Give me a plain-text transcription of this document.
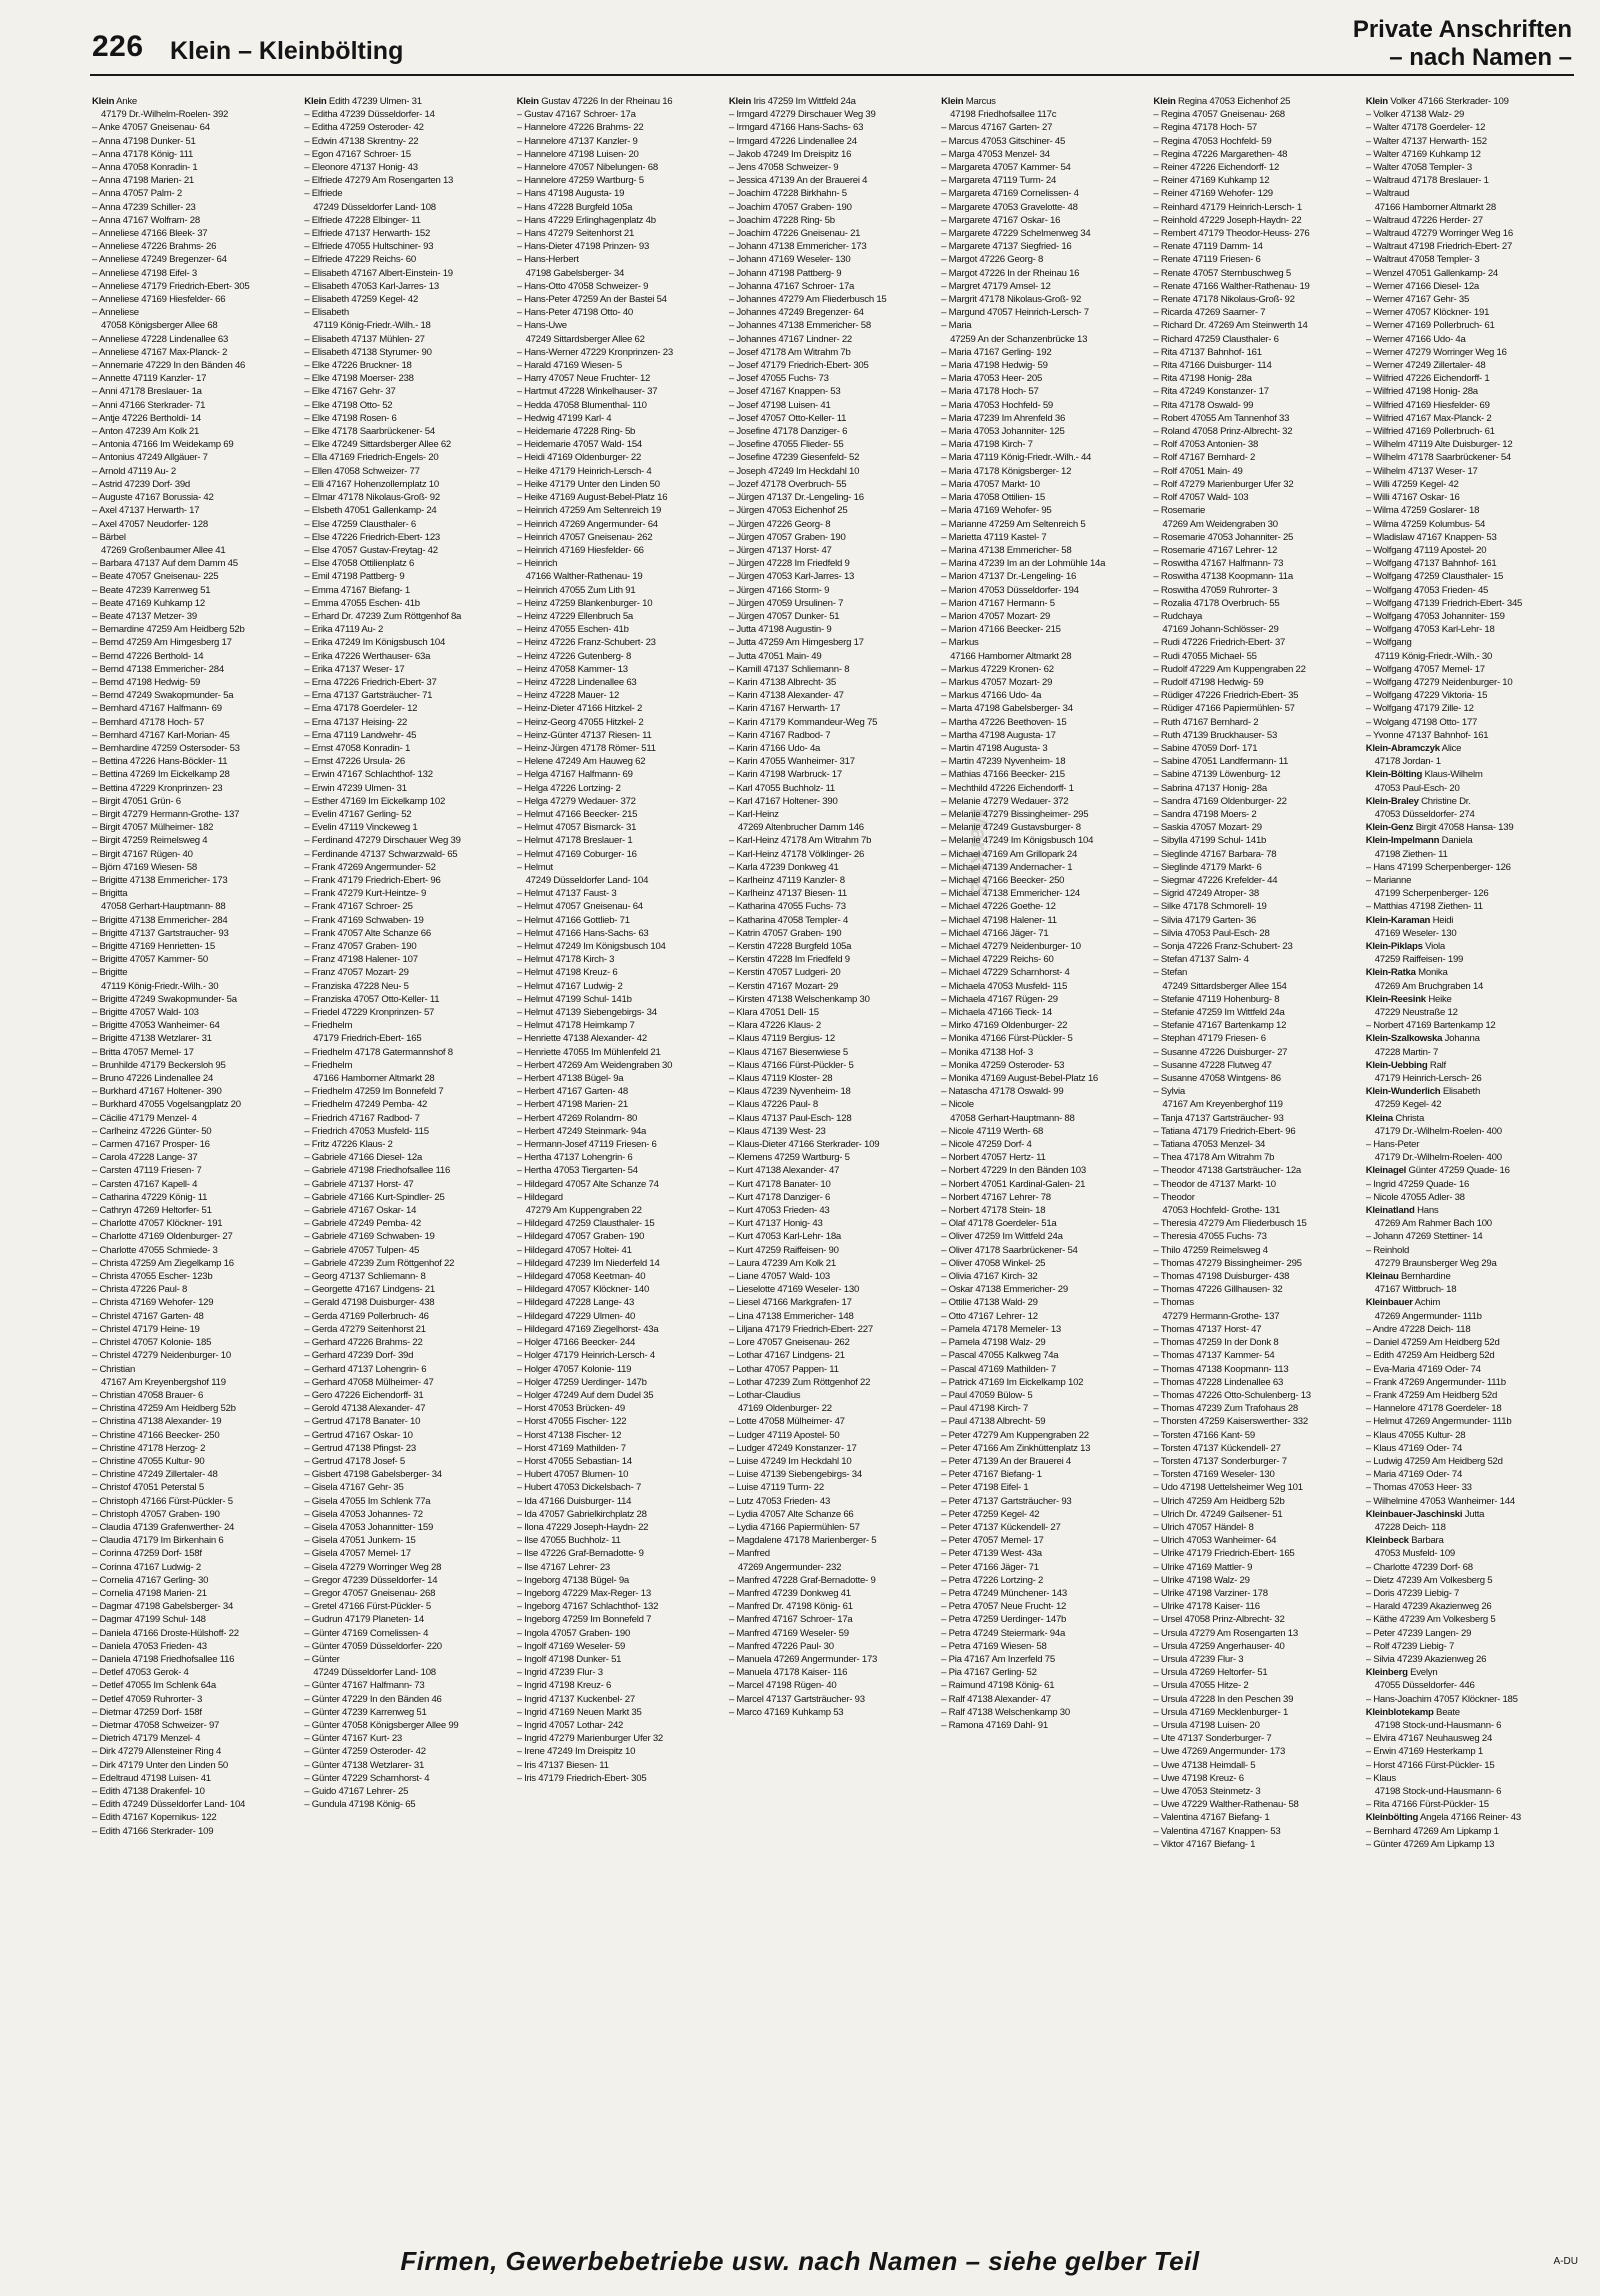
226 Klein – Kleinbölting
Private Anschriften
– nach Namen –
Klein Anke
47179 Dr.-Wilhelm-Roelen- 392
– Anke 47057 Gneisenau- 64
– Anna 47198 Dunker- 51
– Anna 47178 König- 111
– Anna 47058 Konradin- 1
– Anna 47198 Marien- 21
– Anna 47057 Palm- 2
– Anna 47239 Schiller- 23
– Anna 47167 Wolfram- 28
– Anneliese 47166 Bleek- 37
– Anneliese 47226 Brahms- 26
– Anneliese 47249 Bregenzer- 64
– Anneliese 47198 Eifel- 3
– Anneliese 47179 Friedrich-Ebert- 305
– Anneliese 47169 Hiesfelder- 66
– Anneliese
47058 Königsberger Allee 68
– Anneliese 47228 Lindenallee 63
– Anneliese 47167 Max-Planck- 2
– Annemarie 47229 In den Bänden 46
– Annette 47119 Kanzler- 17
– Anni 47178 Breslauer- 1a
– Anni 47166 Sterkrader- 71
– Antje 47226 Bertholdi- 14
– Anton 47239 Am Kolk 21
– Antonia 47166 Im Weidekamp 69
– Antonius 47249 Allgäuer- 7
– Arnold 47119 Au- 2
– Astrid 47239 Dorf- 39d
– Auguste 47167 Borussia- 42
– Axel 47137 Herwarth- 17
– Axel 47057 Neudorfer- 128
– Bärbel
47269 Großenbaumer Allee 41
– Barbara 47137 Auf dem Damm 45
– Beate 47057 Gneisenau- 225
– Beate 47239 Karrenweg 51
– Beate 47169 Kuhkamp 12
– Beate 47137 Metzer- 39
– Bernardine 47259 Am Heidberg 52b
– Bernd 47259 Am Himgesberg 17
– Bernd 47226 Berthold- 14
– Bernd 47138 Emmericher- 284
– Bernd 47198 Hedwig- 59
– Bernd 47249 Swakopmunder- 5a
– Bernhard 47167 Halfmann- 69
– Bernhard 47178 Hoch- 57
– Bernhard 47167 Karl-Morian- 45
– Bernhardine 47259 Ostersoder- 53
– Bettina 47226 Hans-Böckler- 11
– Bettina 47269 Im Eickelkamp 28
– Bettina 47229 Kronprinzen- 23
– Birgit 47051 Grün- 6
– Birgit 47279 Hermann-Grothe- 137
– Birgit 47057 Mülheimer- 182
– Birgit 47259 Reimelsweg 4
– Birgit 47167 Rügen- 40
– Björn 47169 Wiesen- 58
– Brigitte 47138 Emmericher- 173
– Brigitta
47058 Gerhart-Hauptmann- 88
– Brigitte 47138 Emmericher- 284
– Brigitte 47137 Gartstraucher- 93
– Brigitte 47169 Henrietten- 15
– Brigitte 47057 Kammer- 50
– Brigitte
47119 König-Friedr.-Wilh.- 30
– Brigitte 47249 Swakopmunder- 5a
– Brigitte 47057 Wald- 103
– Brigitte 47053 Wanheimer- 64
– Brigitte 47138 Wetzlarer- 31
– Britta 47057 Memel- 17
– Brunhilde 47179 Beckersloh 95
– Bruno 47226 Lindenallee 24
– Burkhard 47167 Holtener- 390
– Burkhard 47055 Vogelsangplatz 20
– Cäcilie 47179 Menzel- 4
– Carlheinz 47226 Günter- 50
– Carmen 47167 Prosper- 16
– Carola 47228 Lange- 37
– Carsten 47119 Friesen- 7
– Carsten 47167 Kapell- 4
– Catharina 47229 König- 11
– Cathryn 47269 Heltorfer- 51
– Charlotte 47057 Klöckner- 191
– Charlotte 47169 Oldenburger- 27
– Charlotte 47055 Schmiede- 3
– Christa 47259 Am Ziegelkamp 16
– Christa 47055 Escher- 123b
– Christa 47226 Paul- 8
– Christa 47169 Wehofer- 129
– Christel 47167 Garten- 48
– Christel 47179 Heine- 19
– Christel 47057 Kolonie- 185
– Christel 47279 Neidenburger- 10
– Christian
47167 Am Kreyenbergshof 119
– Christian 47058 Brauer- 6
– Christina 47259 Am Heidberg 52b
– Christina 47138 Alexander- 19
– Christine 47166 Beecker- 250
– Christine 47178 Herzog- 2
– Christine 47055 Kultur- 90
– Christine 47249 Zillertaler- 48
– Christof 47051 Peterstal 5
– Christoph 47166 Fürst-Pückler- 5
– Christoph 47057 Graben- 190
– Claudia 47139 Grafenwerther- 24
– Claudia 47179 Im Birkenhain 6
– Corinna 47259 Dorf- 158f
– Corinna 47167 Ludwig- 2
– Cornelia 47167 Gerling- 30
– Cornelia 47198 Marien- 21
– Dagmar 47198 Gabelsberger- 34
– Dagmar 47199 Schul- 148
– Daniela 47166 Droste-Hülshoff- 22
– Daniela 47053 Frieden- 43
– Daniela 47198 Friedhofsallee 116
– Detlef 47053 Gerok- 4
– Detlef 47055 Im Schlenk 64a
– Detlef 47059 Ruhrorter- 3
– Dietmar 47259 Dorf- 158f
– Dietmar 47058 Schweizer- 97
– Dietrich 47179 Menzel- 4
– Dirk 47279 Allensteiner Ring 4
– Dirk 47179 Unter den Linden 50
– Edeltraud 47198 Luisen- 41
– Edith 47138 Drakenfel- 10
– Edith 47249 Düsseldorfer Land- 104
– Edith 47167 Kopernikus- 122
– Edith 47166 Sterkrader- 109
Klein Edith 47239 Ulmen- 31
– Editha 47239 Düsseldorfer- 14
– Editha 47259 Osteroder- 42
– Edwin 47138 Skrentny- 22
– Egon 47167 Schroer- 15
– Eleonore 47137 Honig- 43
– Elfriede 47279 Am Rosengarten 13
– Elfriede
47249 Düsseldorfer Land- 108
– Elfriede 47228 Elbinger- 11
– Elfriede 47137 Herwarth- 152
– Elfriede 47055 Hultschiner- 93
– Elfriede 47229 Reichs- 60
– Elisabeth 47167 Albert-Einstein- 19
– Elisabeth 47053 Karl-Jarres- 13
– Elisabeth 47259 Kegel- 42
– Elisabeth
47119 König-Friedr.-Wilh.- 18
– Elisabeth 47137 Mühlen- 27
– Elisabeth 47138 Styrumer- 90
– Elke 47226 Bruckner- 18
– Elke 47198 Moerser- 238
– Elke 47167 Gehr- 37
– Elke 47198 Otto- 52
– Elke 47198 Rosen- 6
– Elke 47178 Saarbrückener- 54
– Elke 47249 Sittardsberger Allee 62
– Ella 47169 Friedrich-Engels- 20
– Ellen 47058 Schweizer- 77
– Elli 47167 Hohenzollernplatz 10
– Elmar 47178 Nikolaus-Groß- 92
– Elsbeth 47051 Gallenkamp- 24
– Else 47259 Clausthaler- 6
– Else 47226 Friedrich-Ebert- 123
– Else 47057 Gustav-Freytag- 42
– Else 47058 Ottilienplatz 6
– Emil 47198 Pattberg- 9
– Emma 47167 Biefang- 1
– Emma 47055 Eschen- 41b
– Erhard Dr. 47239 Zum Röttgenhof 8a
– Erika 47119 Au- 2
– Erika 47249 Im Königsbusch 104
– Erika 47226 Werthauser- 63a
– Erika 47137 Weser- 17
– Erna 47226 Friedrich-Ebert- 37
– Erna 47137 Gartsträucher- 71
– Erna 47178 Goerdeler- 12
– Erna 47137 Heising- 22
– Erna 47119 Landwehr- 45
– Ernst 47058 Konradin- 1
– Ernst 47226 Ursula- 26
– Erwin 47167 Schlachthof- 132
– Erwin 47239 Ulmen- 31
– Esther 47169 Im Eickelkamp 102
– Evelin 47167 Gerling- 52
– Evelin 47119 Vinckeweg 1
– Ferdinand 47279 Dirschauer Weg 39
– Ferdinande 47137 Schwarzwald- 65
– Frank 47269 Angermunder- 52
– Frank 47179 Friedrich-Ebert- 96
– Frank 47279 Kurt-Heintze- 9
– Frank 47167 Schroer- 25
– Frank 47169 Schwaben- 19
– Frank 47057 Alte Schanze 66
– Franz 47057 Graben- 190
– Franz 47198 Halener- 107
– Franz 47057 Mozart- 29
– Franziska 47228 Neu- 5
– Franziska 47057 Otto-Keller- 11
– Friedel 47229 Kronprinzen- 57
– Friedhelm
47179 Friedrich-Ebert- 165
– Friedhelm 47178 Gatermannshof 8
– Friedhelm
47166 Hamborner Altmarkt 28
– Friedhelm 47259 Im Bonnefeld 7
– Friedhelm 47249 Pemba- 42
– Friedrich 47167 Radbod- 7
– Friedrich 47053 Musfeld- 115
– Fritz 47226 Klaus- 2
– Gabriele 47166 Diesel- 12a
– Gabriele 47198 Friedhofsallee 116
– Gabriele 47137 Horst- 47
– Gabriele 47166 Kurt-Spindler- 25
– Gabriele 47167 Oskar- 14
– Gabriele 47249 Pemba- 42
– Gabriele 47169 Schwaben- 19
– Gabriele 47057 Tulpen- 45
– Gabriele 47239 Zum Röttgenhof 22
– Georg 47137 Schliemann- 8
– Georgette 47167 Lindgens- 21
– Gerald 47198 Duisburger- 438
– Gerda 47169 Pollerbruch- 46
– Gerda 47279 Seitenhorst 21
– Gerhard 47226 Brahms- 22
– Gerhard 47239 Dorf- 39d
– Gerhard 47137 Lohengrin- 6
– Gerhard 47058 Mülheimer- 47
– Gero 47226 Eichendorff- 31
– Gerold 47138 Alexander- 47
– Gertrud 47178 Banater- 10
– Gertrud 47167 Oskar- 10
– Gertrud 47138 Pfingst- 23
– Gertrud 47178 Josef- 5
– Gisbert 47198 Gabelsberger- 34
– Gisela 47167 Gehr- 35
– Gisela 47055 Im Schlenk 77a
– Gisela 47053 Johannes- 72
– Gisela 47053 Johannitter- 159
– Gisela 47051 Junkern- 15
– Gisela 47057 Memel- 17
– Gisela 47279 Worringer Weg 28
– Gregor 47239 Düsseldorfer- 14
– Gregor 47057 Gneisenau- 268
– Gretel 47166 Fürst-Pückler- 5
– Gudrun 47179 Planeten- 14
– Günter 47169 Cornelissen- 4
– Günter 47059 Düsseldorfer- 220
– Günter
47249 Düsseldorfer Land- 108
– Günter 47167 Halfmann- 73
– Günter 47229 In den Bänden 46
– Günter 47239 Karrenweg 51
– Günter 47058 Königsberger Allee 99
– Günter 47167 Kurt- 23
– Günter 47259 Osteroder- 42
– Günter 47138 Wetzlarer- 31
– Günter 47229 Scharnhorst- 4
– Guido 47167 Lehrer- 25
– Gundula 47198 König- 65
Klein Gustav 47226 In der Rheinau 16
– Gustav 47167 Schroer- 17a
– Hannelore 47226 Brahms- 22
– Hannelore 47137 Kanzler- 9
– Hannelore 47198 Luisen- 20
– Hannelore 47057 Nibelungen- 68
– Hannelore 47259 Wartburg- 5
– Hans 47198 Augusta- 19
– Hans 47228 Burgfeld 105a
– Hans 47229 Erlinghagenplatz 4b
– Hans 47279 Seitenhorst 21
– Hans-Dieter 47198 Prinzen- 93
– Hans-Herbert
47198 Gabelsberger- 34
– Hans-Otto 47058 Schweizer- 9
– Hans-Peter 47259 An der Bastei 54
– Hans-Peter 47198 Otto- 40
– Hans-Uwe
47249 Sittardsberger Allee 62
– Hans-Werner 47229 Kronprinzen- 23
– Harald 47169 Wiesen- 5
– Harry 47057 Neue Fruchter- 12
– Hartmut 47228 Winkelhauser- 37
– Hedda 47058 Blumenthal- 110
– Hedwig 47199 Karl- 4
– Heidemarie 47228 Ring- 5b
– Heidemarie 47057 Wald- 154
– Heidi 47169 Oldenburger- 22
– Heike 47179 Heinrich-Lersch- 4
– Heike 47179 Unter den Linden 50
– Heike 47169 August-Bebel-Platz 16
– Heinrich 47259 Am Seltenreich 19
– Heinrich 47269 Angermunder- 64
– Heinrich 47057 Gneisenau- 262
– Heinrich 47169 Hiesfelder- 66
– Heinrich
47166 Walther-Rathenau- 19
– Heinrich 47055 Zum Lith 91
– Heinz 47259 Blankenburger- 10
– Heinz 47229 Ellenbruch 5a
– Heinz 47055 Eschen- 41b
– Heinz 47226 Franz-Schubert- 23
– Heinz 47226 Gutenberg- 8
– Heinz 47058 Kammer- 13
– Heinz 47228 Lindenallee 63
– Heinz 47228 Mauer- 12
– Heinz-Dieter 47166 Hitzkel- 2
– Heinz-Georg 47055 Hitzkel- 2
– Heinz-Günter 47137 Riesen- 11
– Heinz-Jürgen 47178 Römer- 511
– Helene 47249 Am Hauweg 62
– Helga 47167 Halfmann- 69
– Helga 47226 Lortzing- 2
– Helga 47279 Wedauer- 372
– Helmut 47166 Beecker- 215
– Helmut 47057 Bismarck- 31
– Helmut 47178 Breslauer- 1
– Helmut 47169 Coburger- 16
– Helmut
47249 Düsseldorfer Land- 104
– Helmut 47137 Faust- 3
– Helmut 47057 Gneisenau- 64
– Helmut 47166 Gottlieb- 71
– Helmut 47166 Hans-Sachs- 63
– Helmut 47249 Im Königsbusch 104
– Helmut 47178 Kirch- 3
– Helmut 47198 Kreuz- 6
– Helmut 47167 Ludwig- 2
– Helmut 47199 Schul- 141b
– Helmut 47139 Siebengebirgs- 34
– Helmut 47178 Heimkamp 7
– Henriette 47138 Alexander- 42
– Henriette 47055 Im Mühlenfeld 21
– Herbert 47269 Am Weidengraben 30
– Herbert 47138 Bügel- 9a
– Herbert 47167 Garten- 48
– Herbert 47198 Marien- 21
– Herbert 47269 Rolandrn- 80
– Herbert 47249 Steinmark- 94a
– Hermann-Josef 47119 Friesen- 6
– Hertha 47137 Lohengrin- 6
– Hertha 47053 Tiergarten- 54
– Hildegard 47057 Alte Schanze 74
– Hildegard
47279 Am Kuppengraben 22
– Hildegard 47259 Clausthaler- 15
– Hildegard 47057 Graben- 190
– Hildegard 47057 Holtei- 41
– Hildegard 47239 Im Niederfeld 14
– Hildegard 47058 Keetman- 40
– Hildegard 47057 Klöckner- 140
– Hildegard 47228 Lange- 43
– Hildegard 47229 Ulmen- 40
– Hildegard 47169 Ziegelhorst- 43a
– Holger 47166 Beecker- 244
– Holger 47179 Heinrich-Lersch- 4
– Holger 47057 Kolonie- 119
– Holger 47259 Uerdinger- 147b
– Holger 47249 Auf dem Dudel 35
– Horst 47053 Brücken- 49
– Horst 47055 Fischer- 122
– Horst 47138 Fischer- 12
– Horst 47169 Mathilden- 7
– Horst 47055 Sebastian- 14
– Hubert 47057 Blumen- 10
– Hubert 47053 Dickelsbach- 7
– Ida 47166 Duisburger- 114
– Ida 47057 Gabrielkirchplatz 28
– Ilona 47229 Joseph-Haydn- 22
– Ilse 47055 Buchholz- 11
– Ilse 47226 Graf-Bernadotte- 9
– Ilse 47167 Lehrer- 23
– Ingeborg 47138 Bügel- 9a
– Ingeborg 47229 Max-Reger- 13
– Ingeborg 47167 Schlachthof- 132
– Ingeborg 47259 Im Bonnefeld 7
– Ingola 47057 Graben- 190
– Ingolf 47169 Weseler- 59
– Ingolf 47198 Dunker- 51
– Ingrid 47239 Flur- 3
– Ingrid 47198 Kreuz- 6
– Ingrid 47137 Kuckenbel- 27
– Ingrid 47169 Neuen Markt 35
– Ingrid 47057 Lothar- 242
– Ingrid 47279 Marienburger Ufer 32
– Irene 47249 Im Dreispitz 10
– Iris 47137 Biesen- 11
– Iris 47179 Friedrich-Ebert- 305
Klein Iris 47259 Im Wittfeld 24a
– Irmgard 47279 Dirschauer Weg 39
– Irmgard 47166 Hans-Sachs- 63
– Irmgard 47226 Lindenallee 24
– Jakob 47249 Im Dreispitz 16
– Jens 47058 Schweizer- 9
– Jessica 47139 An der Brauerei 4
– Joachim 47228 Birkhahn- 5
– Joachim 47057 Graben- 190
– Joachim 47228 Ring- 5b
– Joachim 47226 Gneisenau- 21
– Johann 47138 Emmericher- 173
– Johann 47169 Weseler- 130
– Johann 47198 Pattberg- 9
– Johanna 47167 Schroer- 17a
– Johannes 47279 Am Fliederbusch 15
– Johannes 47249 Bregenzer- 64
– Johannes 47138 Emmericher- 58
– Johannes 47167 Lindner- 22
– Josef 47178 Am Witrahm 7b
– Josef 47179 Friedrich-Ebert- 305
– Josef 47055 Fuchs- 73
– Josef 47167 Knappen- 53
– Josef 47198 Luisen- 41
– Josef 47057 Otto-Keller- 11
– Josefine 47178 Danziger- 6
– Josefine 47055 Flieder- 55
– Josefine 47239 Giesenfeld- 52
– Joseph 47249 Im Heckdahl 10
– Jozef 47178 Overbruch- 55
– Jürgen 47137 Dr.-Lengeling- 16
– Jürgen 47053 Eichenhof 25
– Jürgen 47226 Georg- 8
– Jürgen 47057 Graben- 190
– Jürgen 47137 Horst- 47
– Jürgen 47228 Im Friedfeld 9
– Jürgen 47053 Karl-Jarres- 13
– Jürgen 47166 Storm- 9
– Jürgen 47059 Ursulinen- 7
– Jürgen 47057 Dunker- 51
– Jutta 47198 Augustin- 9
– Jutta 47259 Am Himgesberg 17
– Jutta 47051 Main- 49
– Kamill 47137 Schliemann- 8
– Karin 47138 Albrecht- 35
– Karin 47138 Alexander- 47
– Karin 47167 Herwarth- 17
– Karin 47179 Kommandeur-Weg 75
– Karin 47167 Radbod- 7
– Karin 47166 Udo- 4a
– Karin 47055 Wanheimer- 317
– Karin 47198 Warbruck- 17
– Karl 47055 Buchholz- 11
– Karl 47167 Holtener- 390
– Karl-Heinz
47269 Altenbrucher Damm 146
– Karl-Heinz 47178 Am Witrahm 7b
– Karl-Heinz 47178 Völklinger- 26
– Karla 47239 Donkweg 41
– Karlheinz 47119 Kanzler- 8
– Karlheinz 47137 Biesen- 11
– Katharina 47055 Fuchs- 73
– Katharina 47058 Templer- 4
– Katrin 47057 Graben- 190
– Kerstin 47228 Burgfeld 105a
– Kerstin 47228 Im Friedfeld 9
– Kerstin 47057 Ludgeri- 20
– Kerstin 47167 Mozart- 29
– Kirsten 47138 Welschenkamp 30
– Klara 47051 Dell- 15
– Klara 47226 Klaus- 2
– Klaus 47119 Bergius- 12
– Klaus 47167 Biesenwiese 5
– Klaus 47166 Fürst-Pückler- 5
– Klaus 47119 Kloster- 28
– Klaus 47239 Nyvenheim- 18
– Klaus 47226 Paul- 8
– Klaus 47137 Paul-Esch- 128
– Klaus 47139 West- 23
– Klaus-Dieter 47166 Sterkrader- 109
– Klemens 47259 Wartburg- 5
– Kurt 47138 Alexander- 47
– Kurt 47178 Banater- 10
– Kurt 47178 Danziger- 6
– Kurt 47053 Frieden- 43
– Kurt 47137 Honig- 43
– Kurt 47053 Karl-Lehr- 18a
– Kurt 47259 Raiffeisen- 90
– Laura 47239 Am Kolk 21
– Liane 47057 Wald- 103
– Lieselotte 47169 Weseler- 130
– Liesel 47166 Markgrafen- 17
– Lina 47138 Emmericher- 148
– Liljana 47179 Friedrich-Ebert- 227
– Lore 47057 Gneisenau- 262
– Lothar 47167 Lindgens- 21
– Lothar 47057 Pappen- 11
– Lothar 47239 Zum Röttgenhof 22
– Lothar-Claudius
47169 Oldenburger- 22
– Lotte 47058 Mülheimer- 47
– Ludger 47119 Apostel- 50
– Ludger 47249 Konstanzer- 17
– Luise 47249 Im Heckdahl 10
– Luise 47139 Siebengebirgs- 34
– Luise 47119 Turm- 22
– Lutz 47053 Frieden- 43
– Lydia 47057 Alte Schanze 66
– Lydia 47166 Papiermühlen- 57
– Magdalene 47178 Marienberger- 5
– Manfred
47269 Angermunder- 232
– Manfred 47228 Graf-Bernadotte- 9
– Manfred 47239 Donkweg 41
– Manfred Dr. 47198 König- 61
– Manfred 47167 Schroer- 17a
– Manfred 47169 Weseler- 59
– Manfred 47226 Paul- 30
– Manuela 47269 Angermunder- 173
– Manuela 47178 Kaiser- 116
– Marcel 47198 Rügen- 40
– Marcel 47137 Gartsträucher- 93
– Marco 47169 Kuhkamp 53
Klein Marcus
47198 Friedhofsallee 117c
– Marcus 47167 Garten- 27
– Marcus 47053 Gitschiner- 45
– Marga 47053 Menzel- 34
– Margareta 47057 Kammer- 54
– Margareta 47119 Turm- 24
– Margareta 47169 Cornelissen- 4
– Margarete 47053 Gravelotte- 48
– Margarete 47167 Oskar- 16
– Margarete 47229 Schelmenweg 34
– Margarete 47137 Siegfried- 16
– Margot 47226 Georg- 8
– Margot 47226 In der Rheinau 16
– Margret 47179 Amsel- 12
– Margrit 47178 Nikolaus-Groß- 92
– Margund 47057 Heinrich-Lersch- 7
– Maria
47259 An der Schanzenbrücke 13
– Maria 47167 Gerling- 192
– Maria 47198 Hedwig- 59
– Maria 47053 Heer- 205
– Maria 47178 Hoch- 57
– Maria 47053 Hochfeld- 59
– Maria 47239 Im Ahrenfeld 36
– Maria 47053 Johanniter- 125
– Maria 47198 Kirch- 7
– Maria 47119 König-Friedr.-Wilh.- 44
– Maria 47178 Königsberger- 12
– Maria 47057 Markt- 10
– Maria 47058 Ottilien- 15
– Maria 47169 Wehofer- 95
– Marianne 47259 Am Seltenreich 5
– Marietta 47119 Kastel- 7
– Marina 47138 Emmericher- 58
– Marina 47239 Im an der Lohmühle 14a
– Marion 47137 Dr.-Lengeling- 16
– Marion 47053 Düsseldorfer- 194
– Marion 47167 Hermann- 5
– Marion 47057 Mozart- 29
– Marion 47166 Beecker- 215
– Markus
47166 Hamborner Altmarkt 28
– Markus 47229 Kronen- 62
– Markus 47057 Mozart- 29
– Markus 47166 Udo- 4a
– Marta 47198 Gabelsberger- 34
– Martha 47226 Beethoven- 15
– Martha 47198 Augusta- 17
– Martin 47198 Augusta- 3
– Martin 47239 Nyvenheim- 18
– Mathias 47166 Beecker- 215
– Mechthild 47226 Eichendorff- 1
– Melanie 47279 Wedauer- 372
– Melanie 47279 Bissingheimer- 295
– Melanie 47249 Gustavsburger- 8
– Melanie 47249 Im Königsbusch 104
– Michael 47169 Am Grillopark 24
– Michael 47139 Andernacher- 1
– Michael 47166 Beecker- 250
– Michael 47138 Emmericher- 124
– Michael 47226 Goethe- 12
– Michael 47198 Halener- 11
– Michael 47166 Jäger- 71
– Michael 47279 Neidenburger- 10
– Michael 47229 Reichs- 60
– Michael 47229 Scharnhorst- 4
– Michaela 47053 Musfeld- 115
– Michaela 47167 Rügen- 29
– Michaela 47166 Tieck- 14
– Mirko 47169 Oldenburger- 22
– Monika 47166 Fürst-Pückler- 5
– Monika 47138 Hof- 3
– Monika 47259 Osteroder- 53
– Monika 47169 August-Bebel-Platz 16
– Natascha 47178 Oswald- 99
– Nicole
47058 Gerhart-Hauptmann- 88
– Nicole 47119 Werth- 68
– Nicole 47259 Dorf- 4
– Norbert 47057 Hertz- 11
– Norbert 47229 In den Bänden 103
– Norbert 47051 Kardinal-Galen- 21
– Norbert 47167 Lehrer- 78
– Norbert 47178 Stein- 18
– Olaf 47178 Goerdeler- 51a
– Oliver 47259 Im Wittfeld 24a
– Oliver 47178 Saarbrückener- 54
– Oliver 47058 Winkel- 25
– Olivia 47167 Kirch- 32
– Oskar 47138 Emmericher- 29
– Ottilie 47138 Wald- 29
– Otto 47167 Lehrer- 12
– Pamela 47178 Memeler- 13
– Pamela 47198 Walz- 29
– Pascal 47055 Kalkweg 74a
– Pascal 47169 Mathilden- 7
– Patrick 47169 Im Eickelkamp 102
– Paul 47059 Bülow- 5
– Paul 47198 Kirch- 7
– Paul 47138 Albrecht- 59
– Peter 47279 Am Kuppengraben 22
– Peter 47166 Am Zinkhüttenplatz 13
– Peter 47139 An der Brauerei 4
– Peter 47167 Biefang- 1
– Peter 47198 Eifel- 1
– Peter 47137 Gartsträucher- 93
– Peter 47259 Kegel- 42
– Peter 47137 Kückendell- 27
– Peter 47057 Memel- 17
– Peter 47139 West- 43a
– Peter 47166 Jäger- 71
– Petra 47226 Lortzing- 2
– Petra 47249 Münchener- 143
– Petra 47057 Neue Frucht- 12
– Petra 47259 Uerdinger- 147b
– Petra 47249 Steiermark- 94a
– Petra 47169 Wiesen- 58
– Pia 47167 Am Inzerfeld 75
– Pia 47167 Gerling- 52
– Raimund 47198 König- 61
– Ralf 47138 Alexander- 47
– Ralf 47138 Welschenkamp 30
– Ramona 47169 Dahl- 91
Klein Regina 47053 Eichenhof 25
– Regina 47057 Gneisenau- 268
– Regina 47178 Hoch- 57
– Regina 47053 Hochfeld- 59
– Regina 47226 Margarethen- 48
– Reiner 47226 Eichendorff- 12
– Reiner 47169 Kuhkamp 12
– Reiner 47169 Wehofer- 129
– Reinhard 47179 Heinrich-Lersch- 1
– Reinhold 47229 Joseph-Haydn- 22
– Rembert 47179 Theodor-Heuss- 276
– Renate 47119 Damm- 14
– Renate 47119 Friesen- 6
– Renate 47057 Sternbuschweg 5
– Renate 47166 Walther-Rathenau- 19
– Renate 47178 Nikolaus-Groß- 92
– Ricarda 47269 Saarner- 7
– Richard Dr. 47269 Am Steinwerth 14
– Richard 47259 Clausthaler- 6
– Rita 47137 Bahnhof- 161
– Rita 47166 Duisburger- 114
– Rita 47198 Honig- 28a
– Rita 47249 Konstanzer- 17
– Rita 47178 Oswald- 99
– Robert 47055 Am Tannenhof 33
– Roland 47058 Prinz-Albrecht- 32
– Rolf 47053 Antonien- 38
– Rolf 47167 Bernhard- 2
– Rolf 47051 Main- 49
– Rolf 47279 Marienburger Ufer 32
– Rolf 47057 Wald- 103
– Rosemarie
47269 Am Weidengraben 30
– Rosemarie 47053 Johanniter- 25
– Rosemarie 47167 Lehrer- 12
– Roswitha 47167 Halfmann- 73
– Roswitha 47138 Koopmann- 11a
– Roswitha 47059 Ruhrorter- 3
– Rozalia 47178 Overbruch- 55
– Rudchaya
47169 Johann-Schlösser- 29
– Rudi 47226 Friedrich-Ebert- 37
– Rudi 47055 Michael- 55
– Rudolf 47229 Am Kuppengraben 22
– Rudolf 47198 Hedwig- 59
– Rüdiger 47226 Friedrich-Ebert- 35
– Rüdiger 47166 Papiermühlen- 57
– Ruth 47167 Bernhard- 2
– Ruth 47139 Bruckhauser- 53
– Sabine 47059 Dorf- 171
– Sabine 47051 Landfermann- 11
– Sabine 47139 Löwenburg- 12
– Sabrina 47137 Honig- 28a
– Sandra 47169 Oldenburger- 22
– Sandra 47198 Moers- 2
– Saskia 47057 Mozart- 29
– Sibylla 47199 Schul- 141b
– Sieglinde 47167 Barbara- 78
– Sieglinde 47179 Markt- 6
– Siegmar 47226 Krefelder- 44
– Sigrid 47249 Atroper- 38
– Silke 47178 Schmorell- 19
– Silvia 47179 Garten- 36
– Silvia 47053 Paul-Esch- 28
– Sonja 47226 Franz-Schubert- 23
– Stefan 47137 Salm- 4
– Stefan
47249 Sittardsberger Allee 154
– Stefanie 47119 Hohenburg- 8
– Stefanie 47259 Im Wittfeld 24a
– Stefanie 47167 Bartenkamp 12
– Stephan 47179 Friesen- 6
– Susanne 47226 Duisburger- 27
– Susanne 47228 Flutweg 47
– Susanne 47058 Wintgens- 86
– Sylvia
47167 Am Kreyenberghof 119
– Tanja 47137 Gartsträucher- 93
– Tatiana 47179 Friedrich-Ebert- 96
– Tatiana 47053 Menzel- 34
– Thea 47178 Am Witrahm 7b
– Theodor 47138 Gartsträucher- 12a
– Theodor de 47137 Markt- 10
– Theodor
47053 Hochfeld- Grothe- 131
– Theresia 47279 Am Fliederbusch 15
– Theresia 47055 Fuchs- 73
– Thilo 47259 Reimelsweg 4
– Thomas 47279 Bissingheimer- 295
– Thomas 47198 Duisburger- 438
– Thomas 47226 Gillhausen- 32
– Thomas
47279 Hermann-Grothe- 137
– Thomas 47137 Horst- 47
– Thomas 47259 In der Donk 8
– Thomas 47137 Kammer- 54
– Thomas 47138 Koopmann- 113
– Thomas 47228 Lindenallee 63
– Thomas 47226 Otto-Schulenberg- 13
– Thomas 47239 Zum Trafohaus 28
– Thorsten 47259 Kaiserswerther- 332
– Torsten 47166 Kant- 59
– Torsten 47137 Kückendell- 27
– Torsten 47137 Sonderburger- 7
– Torsten 47169 Weseler- 130
– Udo 47198 Uettelsheimer Weg 101
– Ulrich 47259 Am Heidberg 52b
– Ulrich Dr. 47249 Gailsener- 51
– Ulrich 47057 Händel- 8
– Ulrich 47053 Wanheimer- 64
– Ulrike 47179 Friedrich-Ebert- 165
– Ulrike 47169 Mattler- 9
– Ulrike 47198 Walz- 29
– Ulrike 47198 Varziner- 178
– Ulrike 47178 Kaiser- 116
– Ursel 47058 Prinz-Albrecht- 32
– Ursula 47279 Am Rosengarten 13
– Ursula 47259 Angerhauser- 40
– Ursula 47239 Flur- 3
– Ursula 47269 Heltorfer- 51
– Ursula 47055 Hitze- 2
– Ursula 47228 In den Peschen 39
– Ursula 47169 Mecklenburger- 1
– Ursula 47198 Luisen- 20
– Ute 47137 Sonderburger- 7
– Uwe 47269 Angermunder- 173
– Uwe 47138 Heimdall- 5
– Uwe 47198 Kreuz- 6
– Uwe 47053 Steinmetz- 3
– Uwe 47229 Walther-Rathenau- 58
– Valentina 47167 Biefang- 1
– Valentina 47167 Knappen- 53
– Viktor 47167 Biefang- 1
Klein Volker 47166 Sterkrader- 109
– Volker 47138 Walz- 29
– Walter 47178 Goerdeler- 12
– Walter 47137 Herwarth- 152
– Walter 47169 Kuhkamp 12
– Walter 47058 Templer- 3
– Waltraud 47178 Breslauer- 1
– Waltraud
47166 Hamborner Altmarkt 28
– Waltraud 47226 Herder- 27
– Waltraud 47279 Worringer Weg 16
– Waltraut 47198 Friedrich-Ebert- 27
– Waltraut 47058 Templer- 3
– Wenzel 47051 Gallenkamp- 24
– Werner 47166 Diesel- 12a
– Werner 47167 Gehr- 35
– Werner 47057 Klöckner- 191
– Werner 47169 Pollerbruch- 61
– Werner 47166 Udo- 4a
– Werner 47279 Worringer Weg 16
– Werner 47249 Zillertaler- 48
– Wilfried 47226 Eichendorff- 1
– Wilfried 47198 Honig- 28a
– Wilfried 47169 Hiesfelder- 69
– Wilfried 47167 Max-Planck- 2
– Wilfried 47169 Pollerbruch- 61
– Wilhelm 47119 Alte Duisburger- 12
– Wilhelm 47178 Saarbrückener- 54
– Wilhelm 47137 Weser- 17
– Willi 47259 Kegel- 42
– Willi 47167 Oskar- 16
– Wilma 47259 Goslarer- 18
– Wilma 47259 Kolumbus- 54
– Wladislaw 47167 Knappen- 53
– Wolfgang 47119 Apostel- 20
– Wolfgang 47137 Bahnhof- 161
– Wolfgang 47259 Clausthaler- 15
– Wolfgang 47053 Frieden- 45
– Wolfgang 47139 Friedrich-Ebert- 345
– Wolfgang 47053 Johanniter- 159
– Wolfgang 47053 Karl-Lehr- 18
– Wolfgang
47119 König-Friedr.-Wilh.- 30
– Wolfgang 47057 Memel- 17
– Wolfgang 47279 Neidenburger- 10
– Wolfgang 47229 Viktoria- 15
– Wolfgang 47179 Zille- 12
– Wolgang 47198 Otto- 177
– Yvonne 47137 Bahnhof- 161
Klein-Abramczyk Alice
47178 Jordan- 1
Klein-Bölting Klaus-Wilhelm
47053 Paul-Esch- 20
Klein-Braley Christine Dr.
47053 Düsseldorfer- 274
Klein-Genz Birgit 47058 Hansa- 139
Klein-Impelmann Daniela
47198 Ziethen- 11
– Hans 47199 Scherpenberger- 126
– Marianne
47199 Scherpenberger- 126
– Matthias 47198 Ziethen- 11
Klein-Karaman Heidi
47169 Weseler- 130
Klein-Piklaps Viola
47259 Raiffeisen- 199
Klein-Ratka Monika
47269 Am Bruchgraben 14
Klein-Reesink Heike
47229 Neustraße 12
– Norbert 47169 Bartenkamp 12
Klein-Szalkowska Johanna
47228 Martin- 7
Klein-Uebbing Ralf
47179 Heinrich-Lersch- 26
Klein-Wunderlich Elisabeth
47259 Kegel- 42
Kleina Christa
47179 Dr.-Wilhelm-Roelen- 400
– Hans-Peter
47179 Dr.-Wilhelm-Roelen- 400
Kleinagel Günter 47259 Quade- 16
– Ingrid 47259 Quade- 16
– Nicole 47055 Adler- 38
Kleinatland Hans
47269 Am Rahmer Bach 100
– Johann 47269 Stettiner- 14
– Reinhold
47279 Braunsberger Weg 29a
Kleinau Bernhardine
47167 Wittbruch- 18
Kleinbauer Achim
47269 Angermunder- 111b
– Andre 47228 Deich- 118
– Daniel 47259 Am Heidberg 52d
– Edith 47259 Am Heidberg 52d
– Eva-Maria 47169 Oder- 74
– Frank 47269 Angermunder- 111b
– Frank 47259 Am Heidberg 52d
– Hannelore 47178 Goerdeler- 18
– Helmut 47269 Angermunder- 111b
– Klaus 47055 Kultur- 28
– Klaus 47169 Oder- 74
– Ludwig 47259 Am Heidberg 52d
– Maria 47169 Oder- 74
– Thomas 47053 Heer- 33
– Wilhelmine 47053 Wanheimer- 144
Kleinbauer-Jaschinski Jutta
47228 Deich- 118
Kleinbeck Barbara
47053 Musfeld- 109
– Charlotte 47239 Dorf- 68
– Dietz 47239 Am Volkesberg 5
– Doris 47239 Liebig- 7
– Harald 47239 Akazienweg 26
– Käthe 47239 Am Volkesberg 5
– Peter 47239 Langen- 29
– Rolf 47239 Liebig- 7
– Silvia 47239 Akazienweg 26
Kleinberg Evelyn
47055 Düsseldorfer- 446
– Hans-Joachim 47057 Klöckner- 185
Kleinblotekamp Beate
47198 Stock-und-Hausmann- 6
– Elvira 47167 Neuhausweg 24
– Erwin 47169 Hesterkamp 1
– Horst 47166 Fürst-Pückler- 15
– Klaus
47198 Stock-und-Hausmann- 6
– Rita 47166 Fürst-Pückler- 15
Kleinbölting Angela 47166 Reiner- 43
– Bernhard 47269 Am Lipkamp 1
– Günter 47269 Am Lipkamp 13
Markt 2
Firmen, Gewerbebetriebe usw. nach Namen – siehe gelber Teil	A-DU
